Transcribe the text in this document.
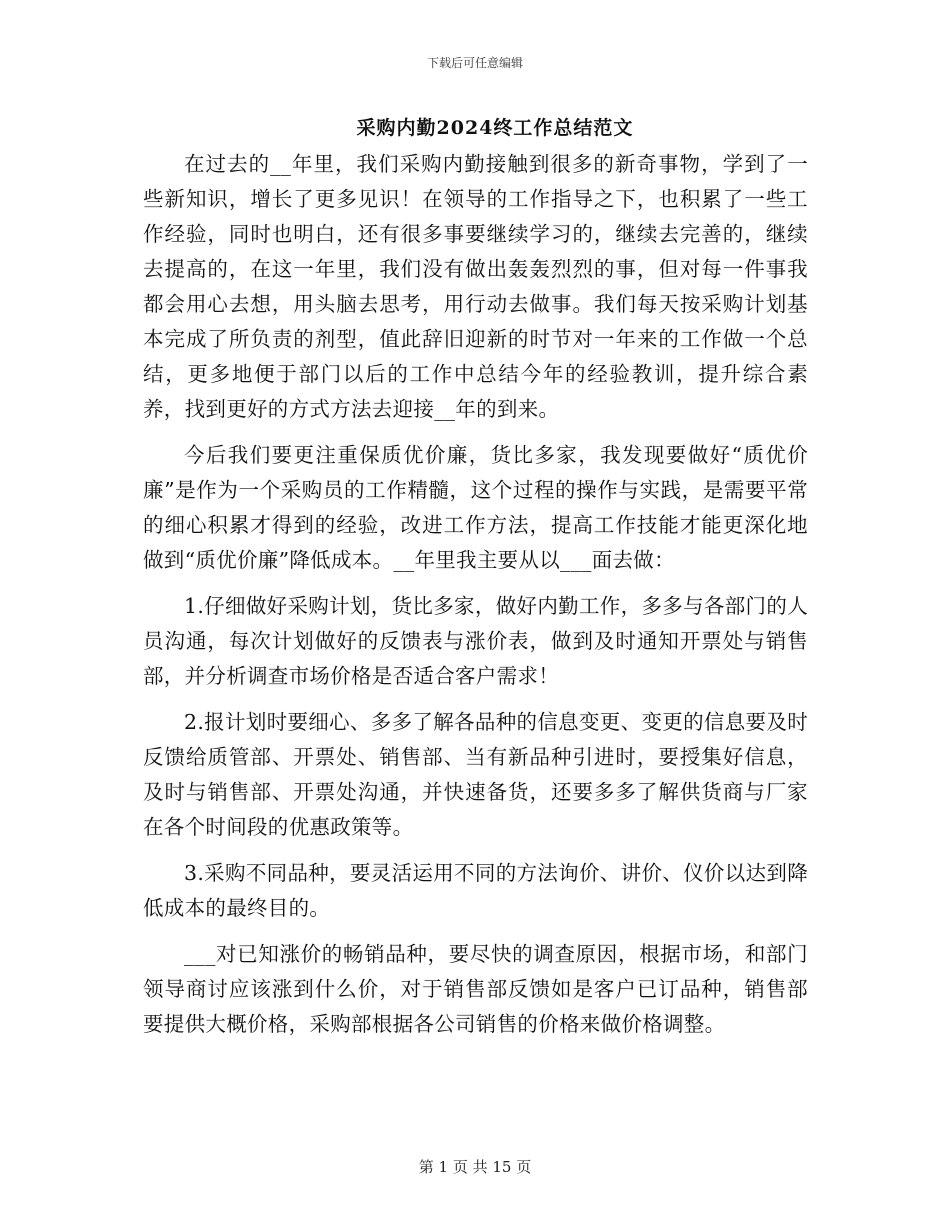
下载后可任意编辑
采购内勤2024终工作总结范文

在过去的__年里，我们采购内勤接触到很多的新奇事物，学到了一些新知识，增长了更多见识！在领导的工作指导之下，也积累了一些工作经验，同时也明白，还有很多事要继续学习的，继续去完善的，继续去提高的，在这一年里，我们没有做出轰轰烈烈的事，但对每一件事我都会用心去想，用头脑去思考，用行动去做事。我们每天按采购计划基本完成了所负责的剂型，值此辞旧迎新的时节对一年来的工作做一个总结，更多地便于部门以后的工作中总结今年的经验教训，提升综合素养，找到更好的方式方法去迎接__年的到来。

今后我们要更注重保质优价廉，货比多家，我发现要做好“质优价廉”是作为一个采购员的工作精髓，这个过程的操作与实践，是需要平常的细心积累才得到的经验，改进工作方法，提高工作技能才能更深化地做到“质优价廉”降低成本。__年里我主要从以___面去做：

1.仔细做好采购计划，货比多家，做好内勤工作，多多与各部门的人员沟通，每次计划做好的反馈表与涨价表，做到及时通知开票处与销售部，并分析调查市场价格是否适合客户需求！

2.报计划时要细心、多多了解各品种的信息变更、变更的信息要及时反馈给质管部、开票处、销售部、当有新品种引进时，要授集好信息，及时与销售部、开票处沟通，并快速备货，还要多多了解供货商与厂家在各个时间段的优惠政策等。

3.采购不同品种，要灵活运用不同的方法询价、讲价、仪价以达到降低成本的最终目的。

___对已知涨价的畅销品种，要尽快的调查原因，根据市场，和部门领导商讨应该涨到什么价，对于销售部反馈如是客户已订品种，销售部要提供大概价格，采购部根据各公司销售的价格来做价格调整。

第 1 页 共 15 页
